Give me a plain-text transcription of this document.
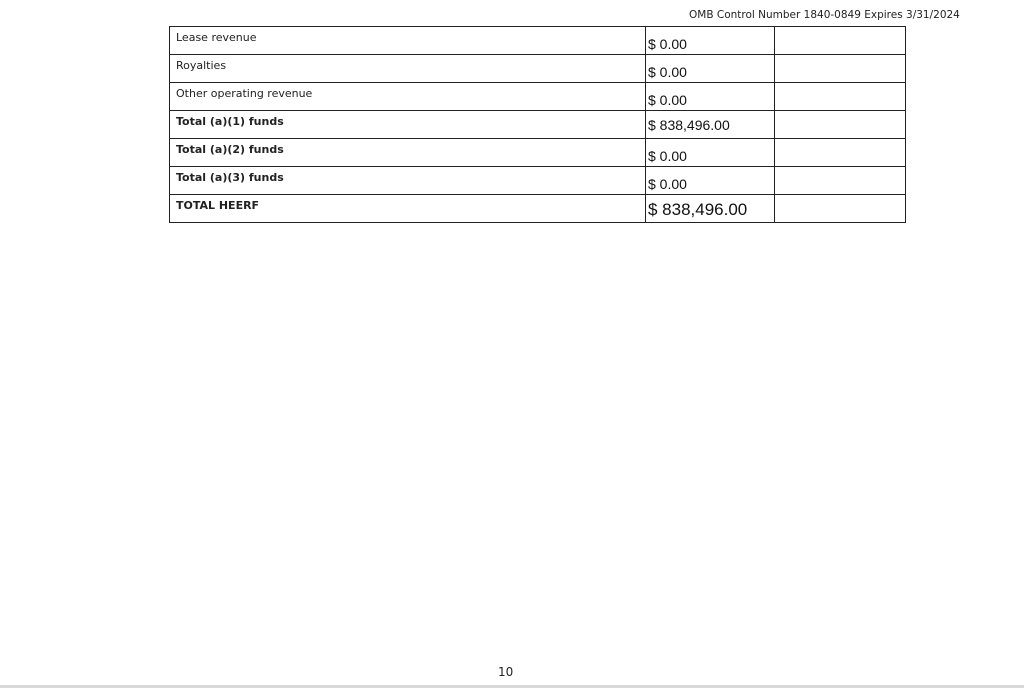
OMB Control Number 1840-0849 Expires 3/31/2024
Lease revenue	$ 0.00	
Royalties	$ 0.00	
Other operating revenue	$ 0.00	
Total (a)(1) funds	$ 838,496.00	
Total (a)(2) funds	$ 0.00	
Total (a)(3) funds	$ 0.00	
TOTAL HEERF	$ 838,496.00	
10
